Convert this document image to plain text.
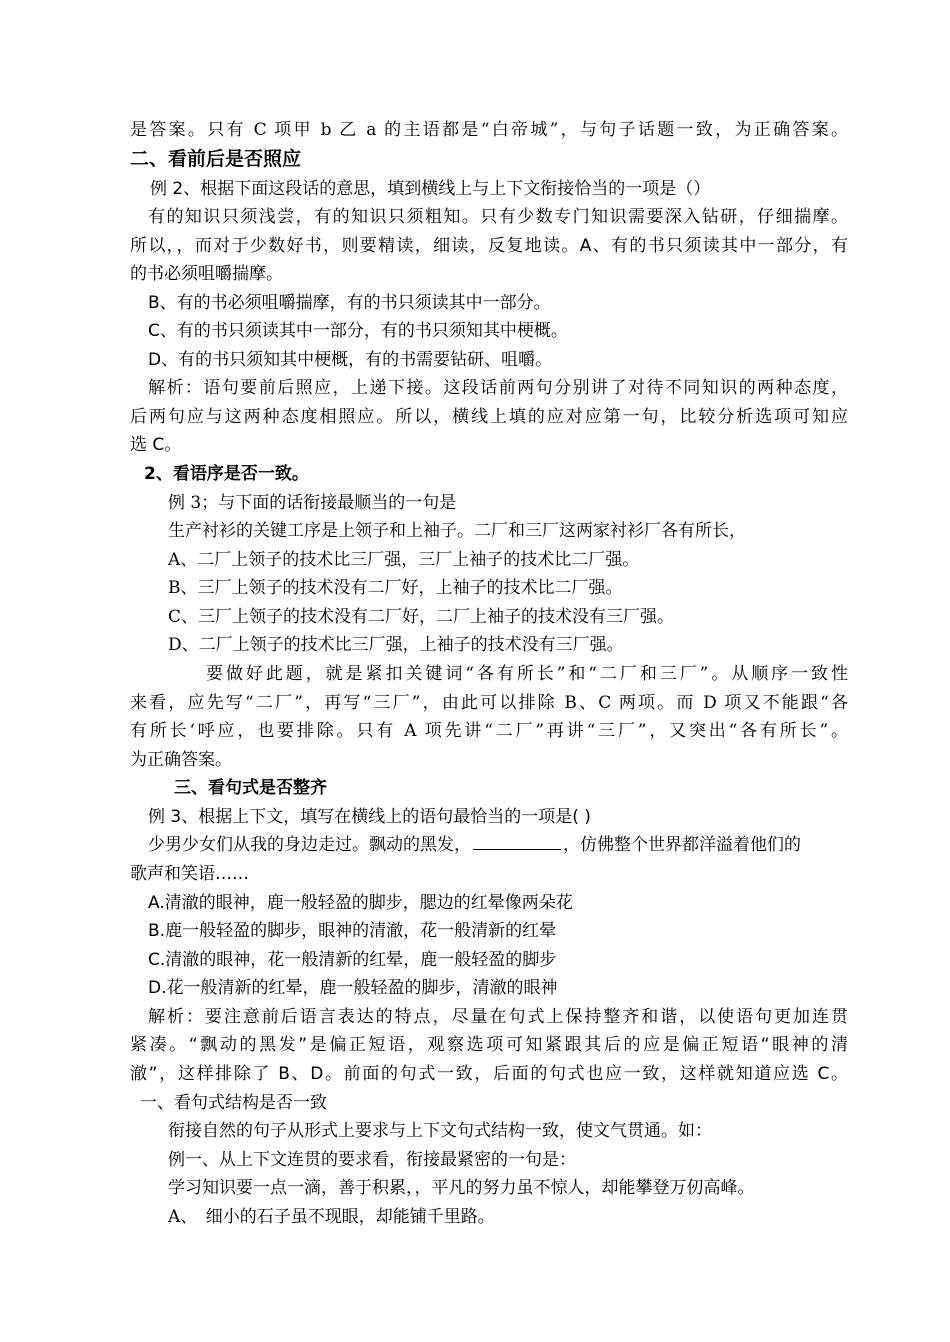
是答案。只有 C 项甲 b 乙 a 的主语都是“白帝城”，与句子话题一致，为正确答案。
二、看前后是否照应
例 2、根据下面这段话的意思，填到横线上与上下文衔接恰当的一项是（）
有的知识只须浅尝，有的知识只须粗知。只有少数专门知识需要深入钻研，仔细揣摩。
所以，，而对于少数好书，则要精读，细读，反复地读。A、有的书只须读其中一部分，有
的书必须咀嚼揣摩。
B、有的书必须咀嚼揣摩，有的书只须读其中一部分。
C、有的书只须读其中一部分，有的书只须知其中梗概。
D、有的书只须知其中梗概，有的书需要钻研、咀嚼。
解析：语句要前后照应，上递下接。这段话前两句分别讲了对待不同知识的两种态度，
后两句应与这两种态度相照应。所以，横线上填的应对应第一句，比较分析选项可知应
选 C。
2、看语序是否一致。
例 3；与下面的话衔接最顺当的一句是
生产衬衫的关键工序是上领子和上袖子。二厂和三厂这两家衬衫厂各有所长，
A、二厂上领子的技术比三厂强，三厂上袖子的技术比二厂强。
B、三厂上领子的技术没有二厂好，上袖子的技术比二厂强。
C、三厂上领子的技术没有二厂好，二厂上袖子的技术没有三厂强。
D、二厂上领子的技术比三厂强，上袖子的技术没有三厂强。
要做好此题，就是紧扣关键词“各有所长”和“二厂和三厂”。从顺序一致性
来看，应先写“二厂”，再写“三厂”，由此可以排除 B、C 两项。而 D 项又不能跟“各
有所长‘呼应，也要排除。只有 A 项先讲“二厂”再讲“三厂”，又突出“各有所长”。
为正确答案。
三、看句式是否整齐
例 3、根据上下文，填写在横线上的语句最恰当的一项是( )
少男少女们从我的身边走过。飘动的黑发，	，仿佛整个世界都洋溢着他们的
歌声和笑语……
A.清澈的眼神，鹿一般轻盈的脚步，腮边的红晕像两朵花
B.鹿一般轻盈的脚步，眼神的清澈，花一般清新的红晕
C.清澈的眼神，花一般清新的红晕，鹿一般轻盈的脚步
D.花一般清新的红晕，鹿一般轻盈的脚步，清澈的眼神
解析：要注意前后语言表达的特点，尽量在句式上保持整齐和谐，以使语句更加连贯
紧凑。“飘动的黑发”是偏正短语，观察选项可知紧跟其后的应是偏正短语“眼神的清
澈”，这样排除了 B、D。前面的句式一致，后面的句式也应一致，这样就知道应选 C。
一、看句式结构是否一致
衔接自然的句子从形式上要求与上下文句式结构一致，使文气贯通。如：
例一、从上下文连贯的要求看，衔接最紧密的一句是：
学习知识要一点一滴，善于积累，，平凡的努力虽不惊人，却能攀登万仞高峰。
A、　细小的石子虽不现眼，却能铺千里路。
